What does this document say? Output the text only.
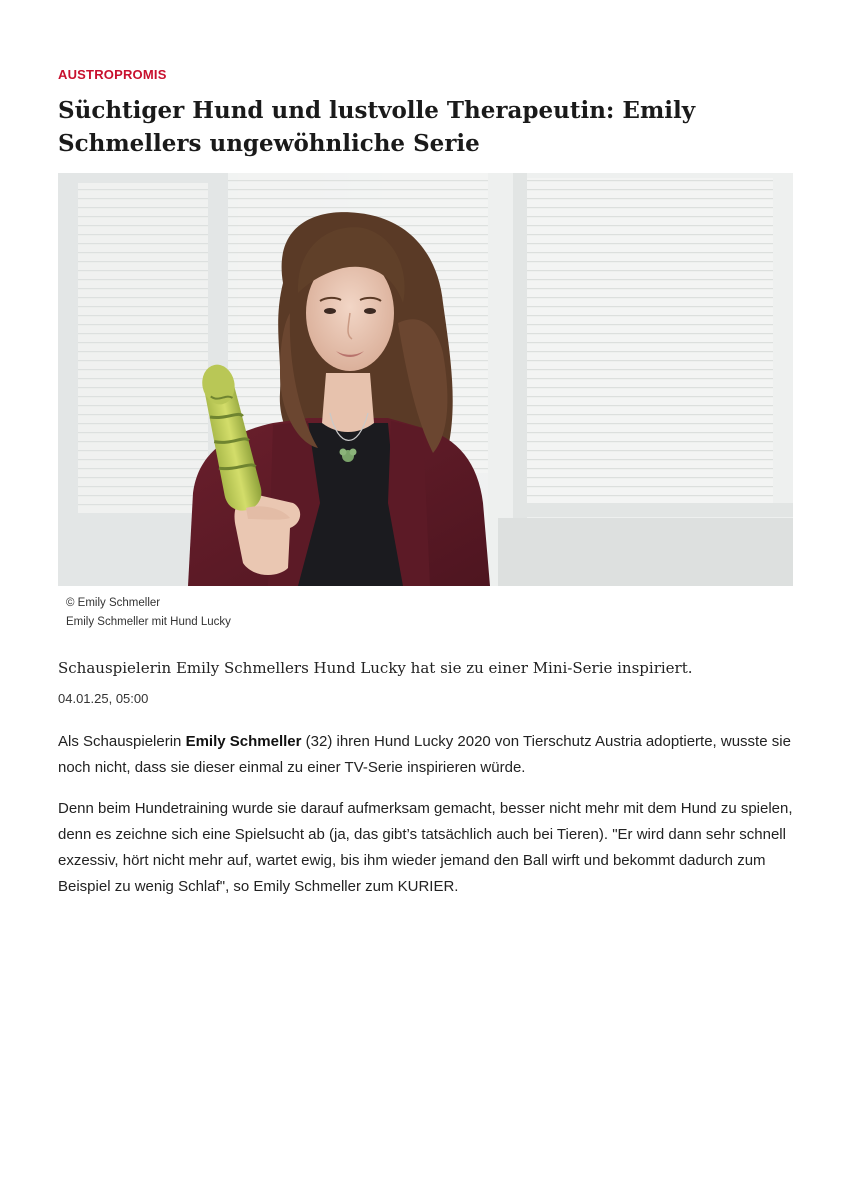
AUSTROPROMIS
Süchtiger Hund und lustvolle Therapeutin: Emily Schmellers ungewöhnliche Serie
© Emily Schmeller
Emily Schmeller mit Hund Lucky

Schauspielerin Emily Schmellers Hund Lucky hat sie zu einer Mini-Serie inspiriert.

04.01.25, 05:00

Als Schauspielerin Emily Schmeller (32) ihren Hund Lucky 2020 von Tierschutz Austria adoptierte, wusste sie noch nicht, dass sie dieser einmal zu einer TV-Serie inspirieren würde.

Denn beim Hundetraining wurde sie darauf aufmerksam gemacht, besser nicht mehr mit dem Hund zu spielen, denn es zeichne sich eine Spielsucht ab (ja, das gibt’s tatsächlich auch bei Tieren). "Er wird dann sehr schnell exzessiv, hört nicht mehr auf, wartet ewig, bis ihm wieder jemand den Ball wirft und bekommt dadurch zum Beispiel zu wenig Schlaf", so Emily Schmeller zum KURIER.
